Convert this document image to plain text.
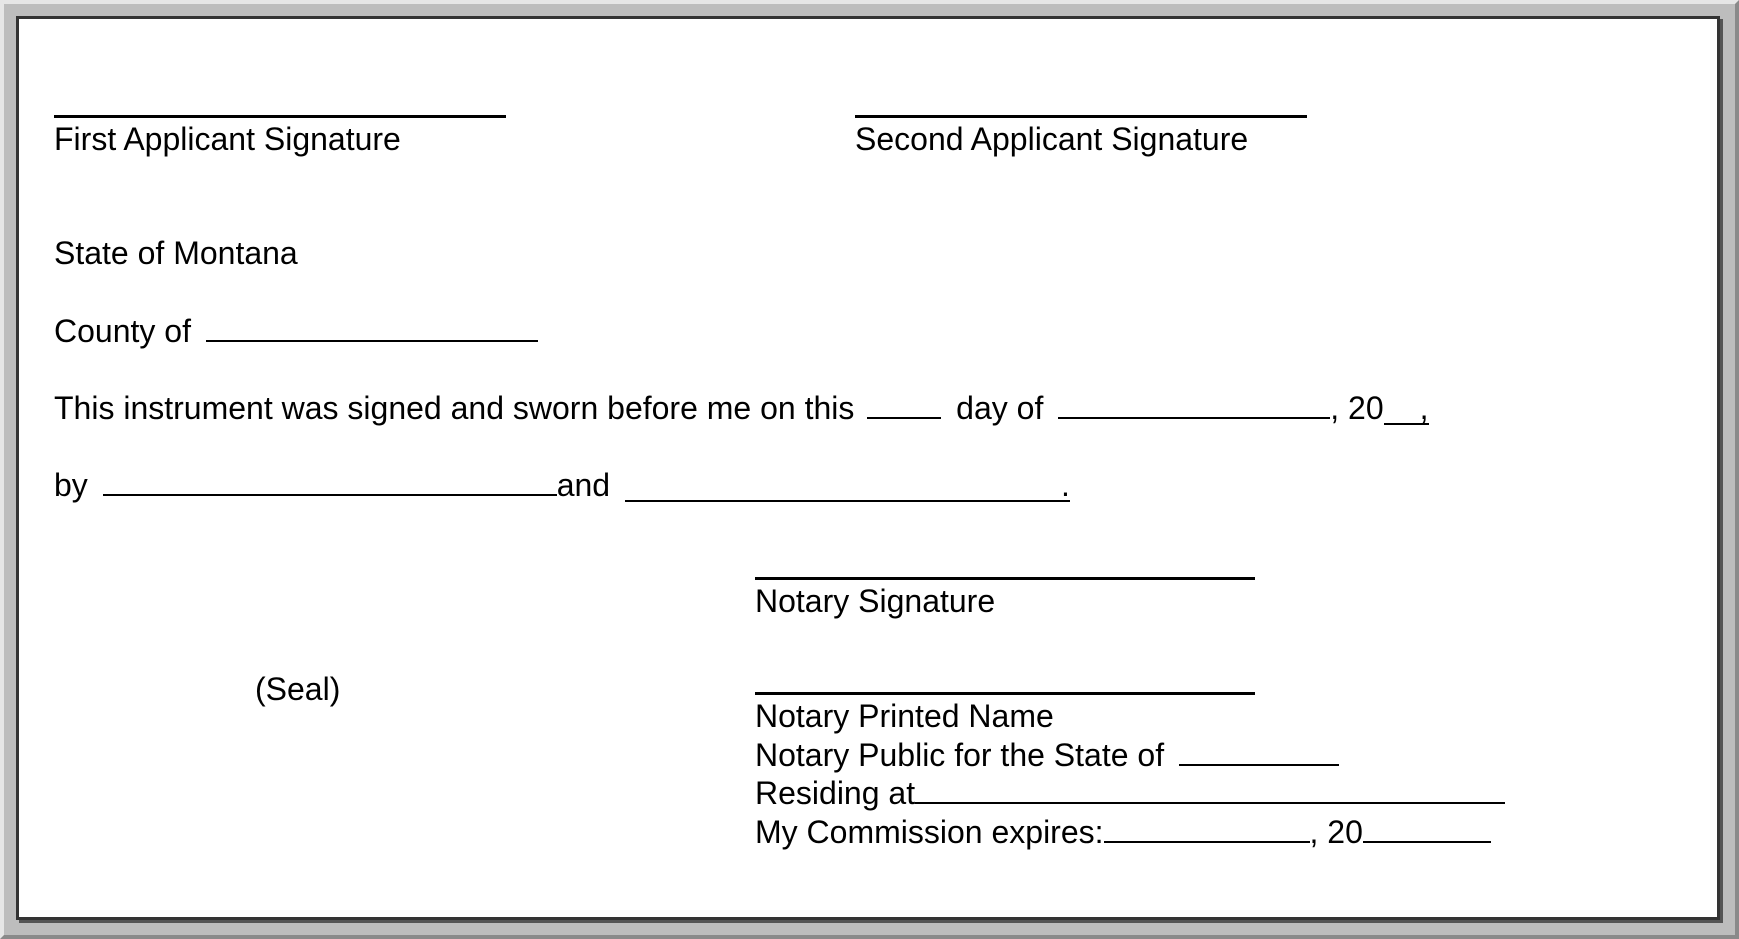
First Applicant Signature	Second Applicant Signature
State of Montana
County of
This instrument was signed and sworn before me on this	day of	, 20 ,
by	and	.
Notary Signature
(Seal)
Notary Printed Name
Notary Public for the State of
Residing at
My Commission expires:	, 20
